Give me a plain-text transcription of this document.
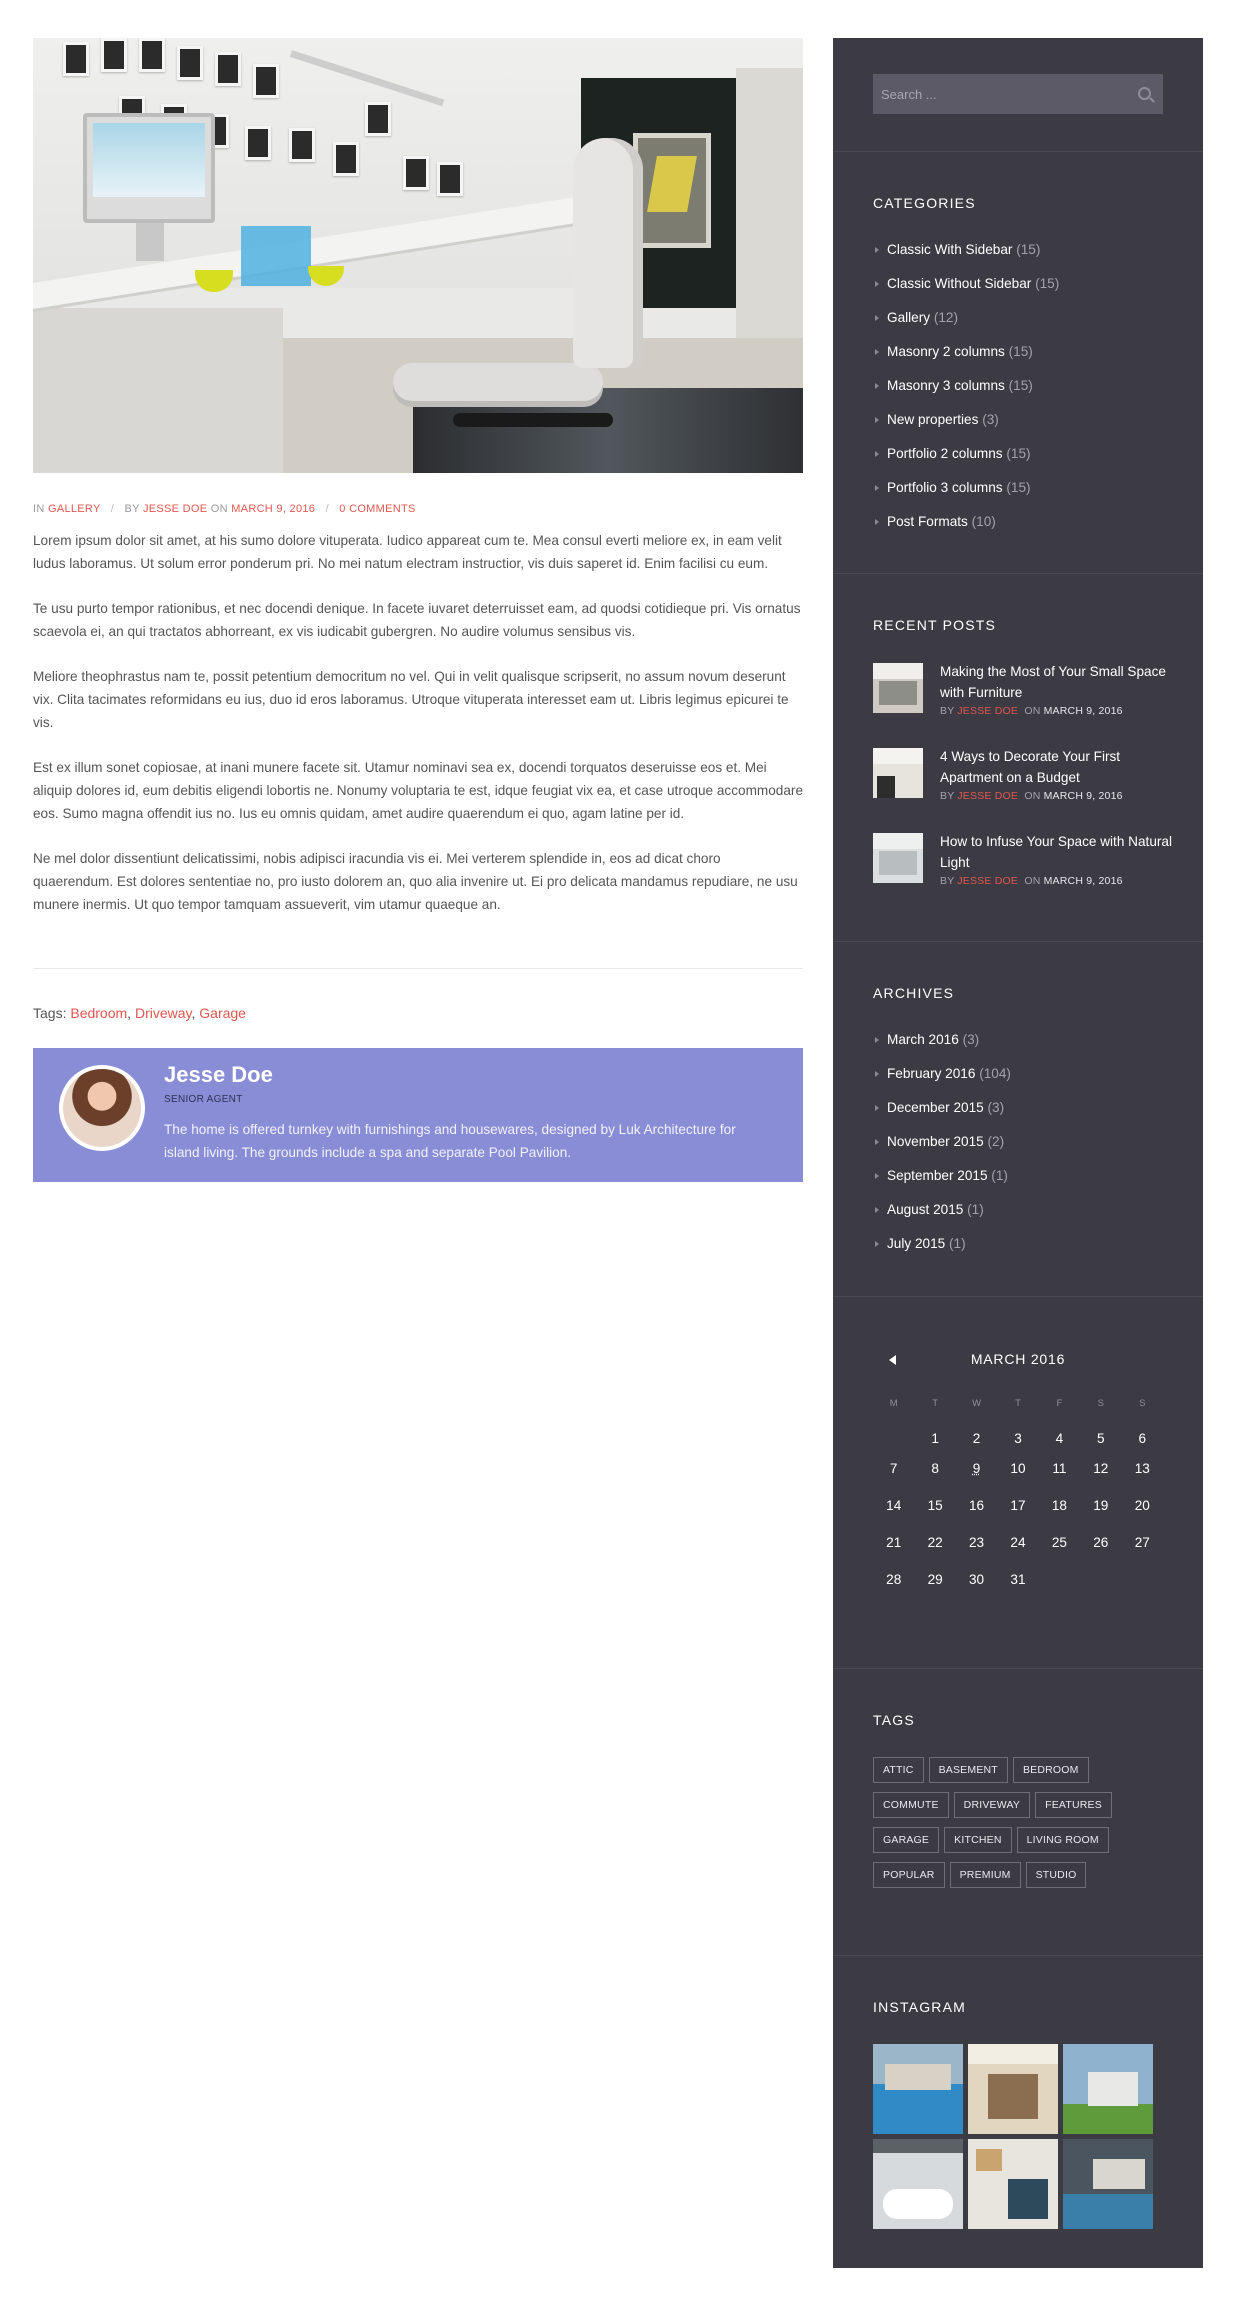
IN GALLERY / BY JESSE DOE ON MARCH 9, 2016 / 0 COMMENTS

Lorem ipsum dolor sit amet, at his sumo dolore vituperata. Iudico appareat cum te. Mea consul everti meliore ex, in eam velit ludus laboramus. Ut solum error ponderum pri. No mei natum electram instructior, vis duis saperet id. Enim facilisi cu eum.

Te usu purto tempor rationibus, et nec docendi denique. In facete iuvaret deterruisset eam, ad quodsi cotidieque pri. Vis ornatus scaevola ei, an qui tractatos abhorreant, ex vis iudicabit gubergren. No audire volumus sensibus vis.

Meliore theophrastus nam te, possit petentium democritum no vel. Qui in velit qualisque scripserit, no assum novum deserunt vix. Clita tacimates reformidans eu ius, duo id eros laboramus. Utroque vituperata interesset eam ut. Libris legimus epicurei te vis.

Est ex illum sonet copiosae, at inani munere facete sit. Utamur nominavi sea ex, docendi torquatos deseruisse eos et. Mei aliquip dolores id, eum debitis eligendi lobortis ne. Nonumy voluptaria te est, idque feugiat vix ea, et case utroque accommodare eos. Sumo magna offendit ius no. Ius eu omnis quidam, amet audire quaerendum ei quo, agam latine per id.

Ne mel dolor dissentiunt delicatissimi, nobis adipisci iracundia vis ei. Mei verterem splendide in, eos ad dicat choro quaerendum. Est dolores sententiae no, pro iusto dolorem an, quo alia invenire ut. Ei pro delicata mandamus repudiare, ne usu munere inermis. Ut quo tempor tamquam assueverit, vim utamur quaeque an.

Tags: Bedroom, Driveway, Garage
Jesse Doe
SENIOR AGENT
The home is offered turnkey with furnishings and housewares, designed by Luk Architecture for island living. The grounds include a spa and separate Pool Pavilion.
Search ...
CATEGORIES
Classic With Sidebar (15)
Classic Without Sidebar (15)
Gallery (12)
Masonry 2 columns (15)
Masonry 3 columns (15)
New properties (3)
Portfolio 2 columns (15)
Portfolio 3 columns (15)
Post Formats (10)
RECENT POSTS
Making the Most of Your Small Space with Furniture
BY JESSE DOE ON MARCH 9, 2016
4 Ways to Decorate Your First Apartment on a Budget
BY JESSE DOE ON MARCH 9, 2016
How to Infuse Your Space with Natural Light
BY JESSE DOE ON MARCH 9, 2016
ARCHIVES
March 2016 (3)
February 2016 (104)
December 2015 (3)
November 2015 (2)
September 2015 (1)
August 2015 (1)
July 2015 (1)
MARCH 2016
M	T	W	T	F	S	S
	1	2	3	4	5	6
7	8	9	10	11	12	13
14	15	16	17	18	19	20
21	22	23	24	25	26	27
28	29	30	31			
TAGS
ATTIC BASEMENT BEDROOM
COMMUTE DRIVEWAY FEATURES
GARAGE KITCHEN LIVING ROOM
POPULAR PREMIUM STUDIO
INSTAGRAM
